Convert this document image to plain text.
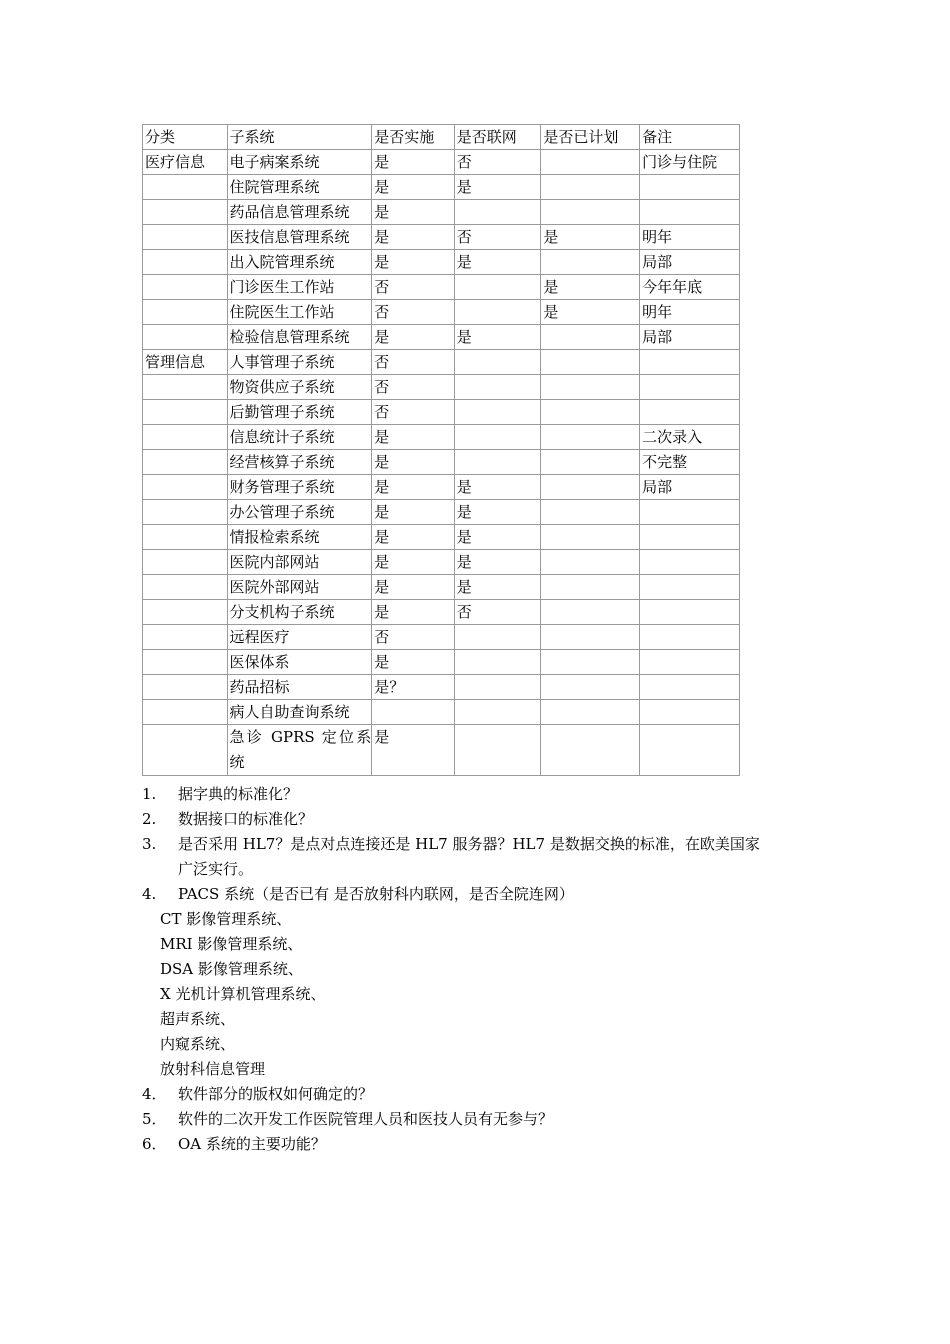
分类	子系统	是否实施	是否联网	是否已计划	备注
医疗信息	电子病案系统	是	否		门诊与住院
	住院管理系统	是	是		
	药品信息管理系统	是			
	医技信息管理系统	是	否	是	明年
	出入院管理系统	是	是		局部
	门诊医生工作站	否		是	今年年底
	住院医生工作站	否		是	明年
	检验信息管理系统	是	是		局部
管理信息	人事管理子系统	否			
	物资供应子系统	否			
	后勤管理子系统	否			
	信息统计子系统	是			二次录入
	经营核算子系统	是			不完整
	财务管理子系统	是	是		局部
	办公管理子系统	是	是		
	情报检索系统	是	是		
	医院内部网站	是	是		
	医院外部网站	是	是		
	分支机构子系统	是	否		
	远程医疗	否			
	医保体系	是			
	药品招标	是？			
	病人自助查询系统				
	急诊 GPRS 定位系统	是			
1. 据字典的标准化？
2. 数据接口的标准化？
3. 是否采用 HL7？是点对点连接还是 HL7 服务器？HL7 是数据交换的标准，在欧美国家
广泛实行。
4. PACS 系统（是否已有 是否放射科内联网，是否全院连网）
CT 影像管理系统、
MRI 影像管理系统、
DSA 影像管理系统、
X 光机计算机管理系统、
超声系统、
内窥系统、
放射科信息管理
4． 软件部分的版权如何确定的？
5． 软件的二次开发工作医院管理人员和医技人员有无参与？
6． OA 系统的主要功能？
